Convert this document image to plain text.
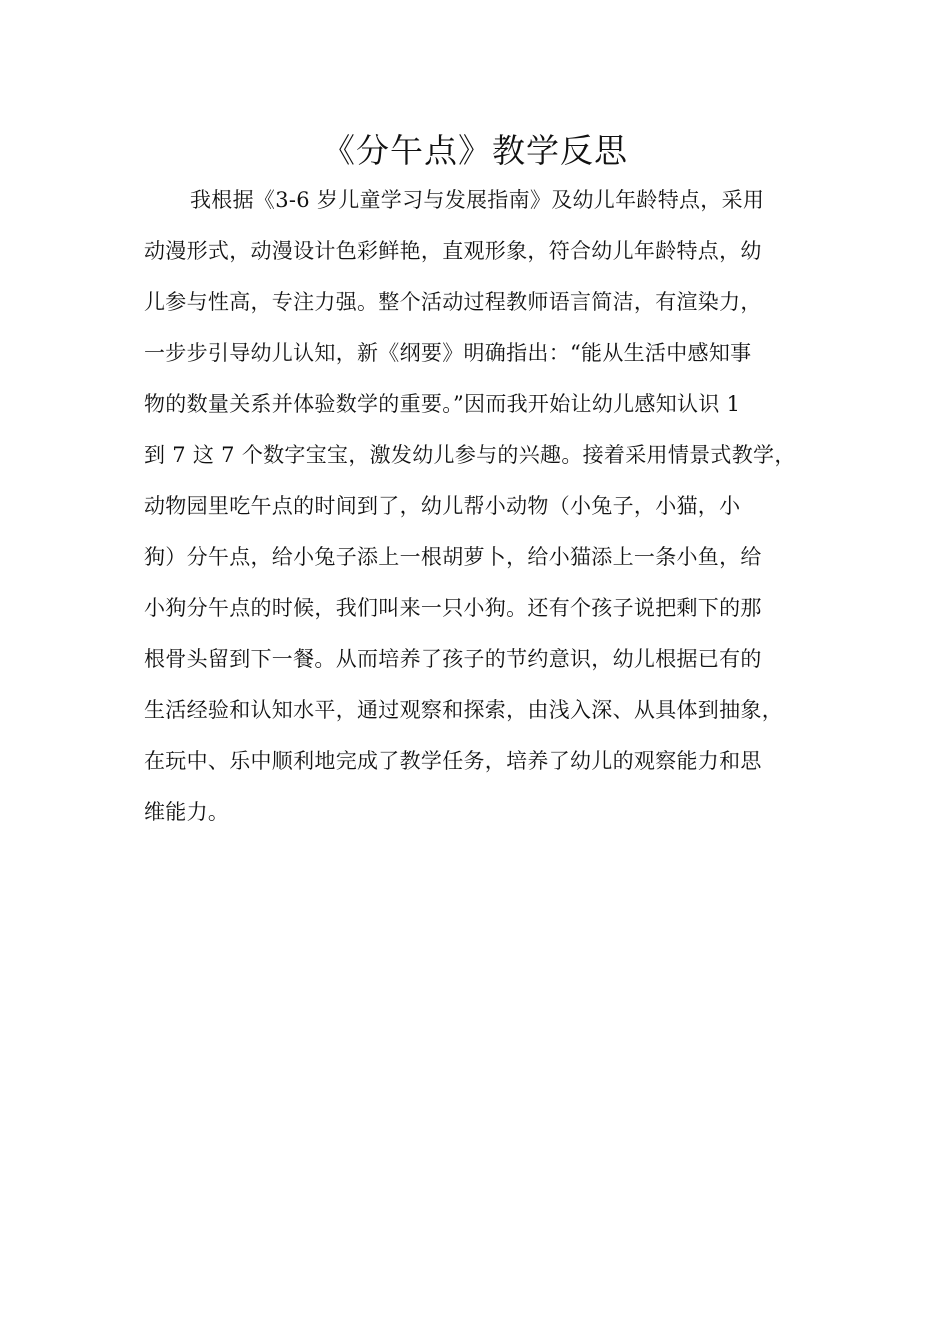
《分午点》教学反思
我根据《3-6 岁儿童学习与发展指南》及幼儿年龄特点，采用
动漫形式，动漫设计色彩鲜艳，直观形象，符合幼儿年龄特点，幼
儿参与性高，专注力强。整个活动过程教师语言简洁，有渲染力，
一步步引导幼儿认知，新《纲要》明确指出：“能从生活中感知事
物的数量关系并体验数学的重要。”因而我开始让幼儿感知认识 1
到 7 这 7 个数字宝宝，激发幼儿参与的兴趣。接着采用情景式教学，
动物园里吃午点的时间到了，幼儿帮小动物（小兔子，小猫，小
狗）分午点，给小兔子添上一根胡萝卜，给小猫添上一条小鱼，给
小狗分午点的时候，我们叫来一只小狗。还有个孩子说把剩下的那
根骨头留到下一餐。从而培养了孩子的节约意识，幼儿根据已有的
生活经验和认知水平，通过观察和探索，由浅入深、从具体到抽象，
在玩中、乐中顺利地完成了教学任务，培养了幼儿的观察能力和思
维能力。
